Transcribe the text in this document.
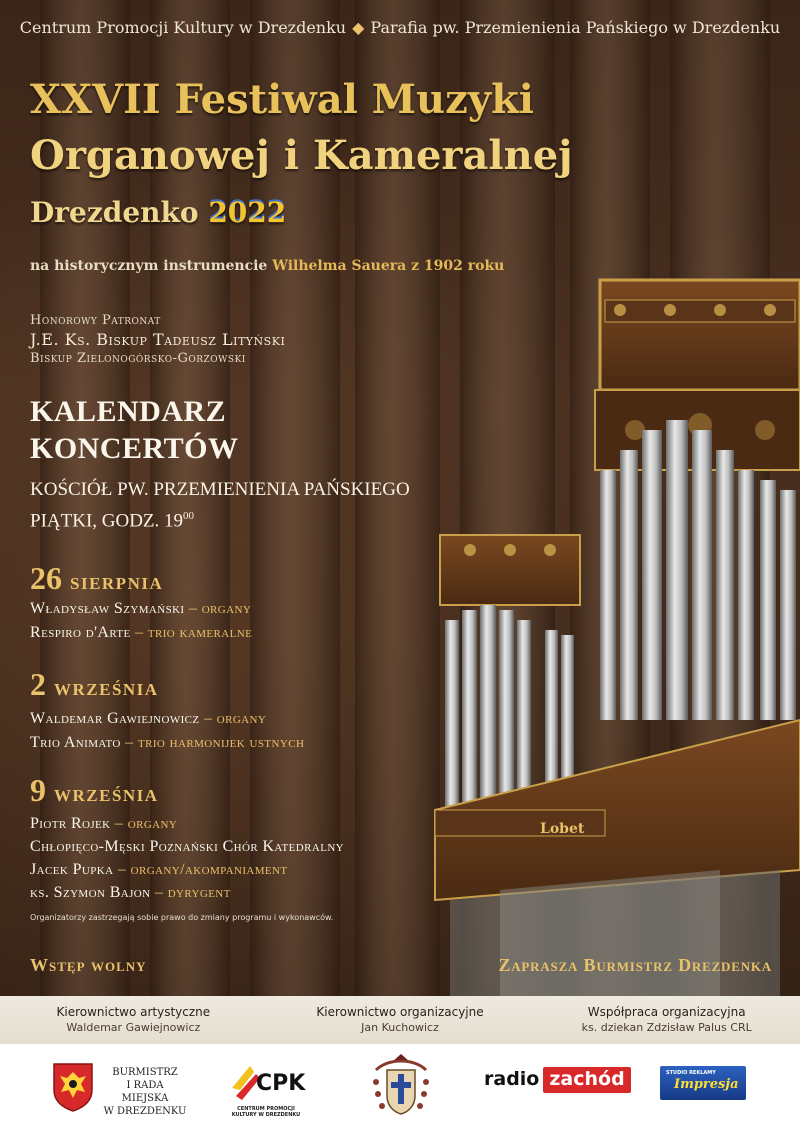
Lobet

Centrum Promocji Kultury w Drezdenku ◆ Parafia pw. Przemienienia Pańskiego w Drezdenku

XXVII Festiwal Muzyki
Organowej i Kameralnej

Drezdenko 2022

na historycznym instrumencie Wilhelma Sauera z 1902 roku

Honorowy Patronat

J.E. Ks. Biskup Tadeusz Lityński

Biskup Zielonogórsko-Gorzowski

KALENDARZ
KONCERTÓW

KOŚCIÓŁ PW. PRZEMIENIENIA PAŃSKIEGO
PIĄTKI, GODZ. $19^{00}$

26 sierpnia

Władysław Szymański – organy

Respiro d'Arte – trio kameralne

2 września

Waldemar Gawiejnowicz – organy

Trio Animato – trio harmonijek ustnych

9 września

Piotr Rojek – organy

Chłopięco-Męski Poznański Chór Katedralny

Jacek Pupka – organy/akompaniament

ks. Szymon Bajon – dyrygent

Organizatorzy zastrzegają sobie prawo do zmiany programu i wykonawców.

Wstęp wolny	Zaprasza Burmistrz Drezdenka

Kierownictwo artystyczne
Waldemar Gawiejnowicz
Kierownictwo organizacyjne
Jan Kuchowicz
Współpraca organizacyjna
ks. dziekan Zdzisław Palus CRL
BURMISTRZ
I RADA MIEJSKA
W DREZDENKU
CPK
CENTRUM PROMOCJI KULTURY W DREZDENKU
radio zachód	STUDIO REKLAMY
Impresja
